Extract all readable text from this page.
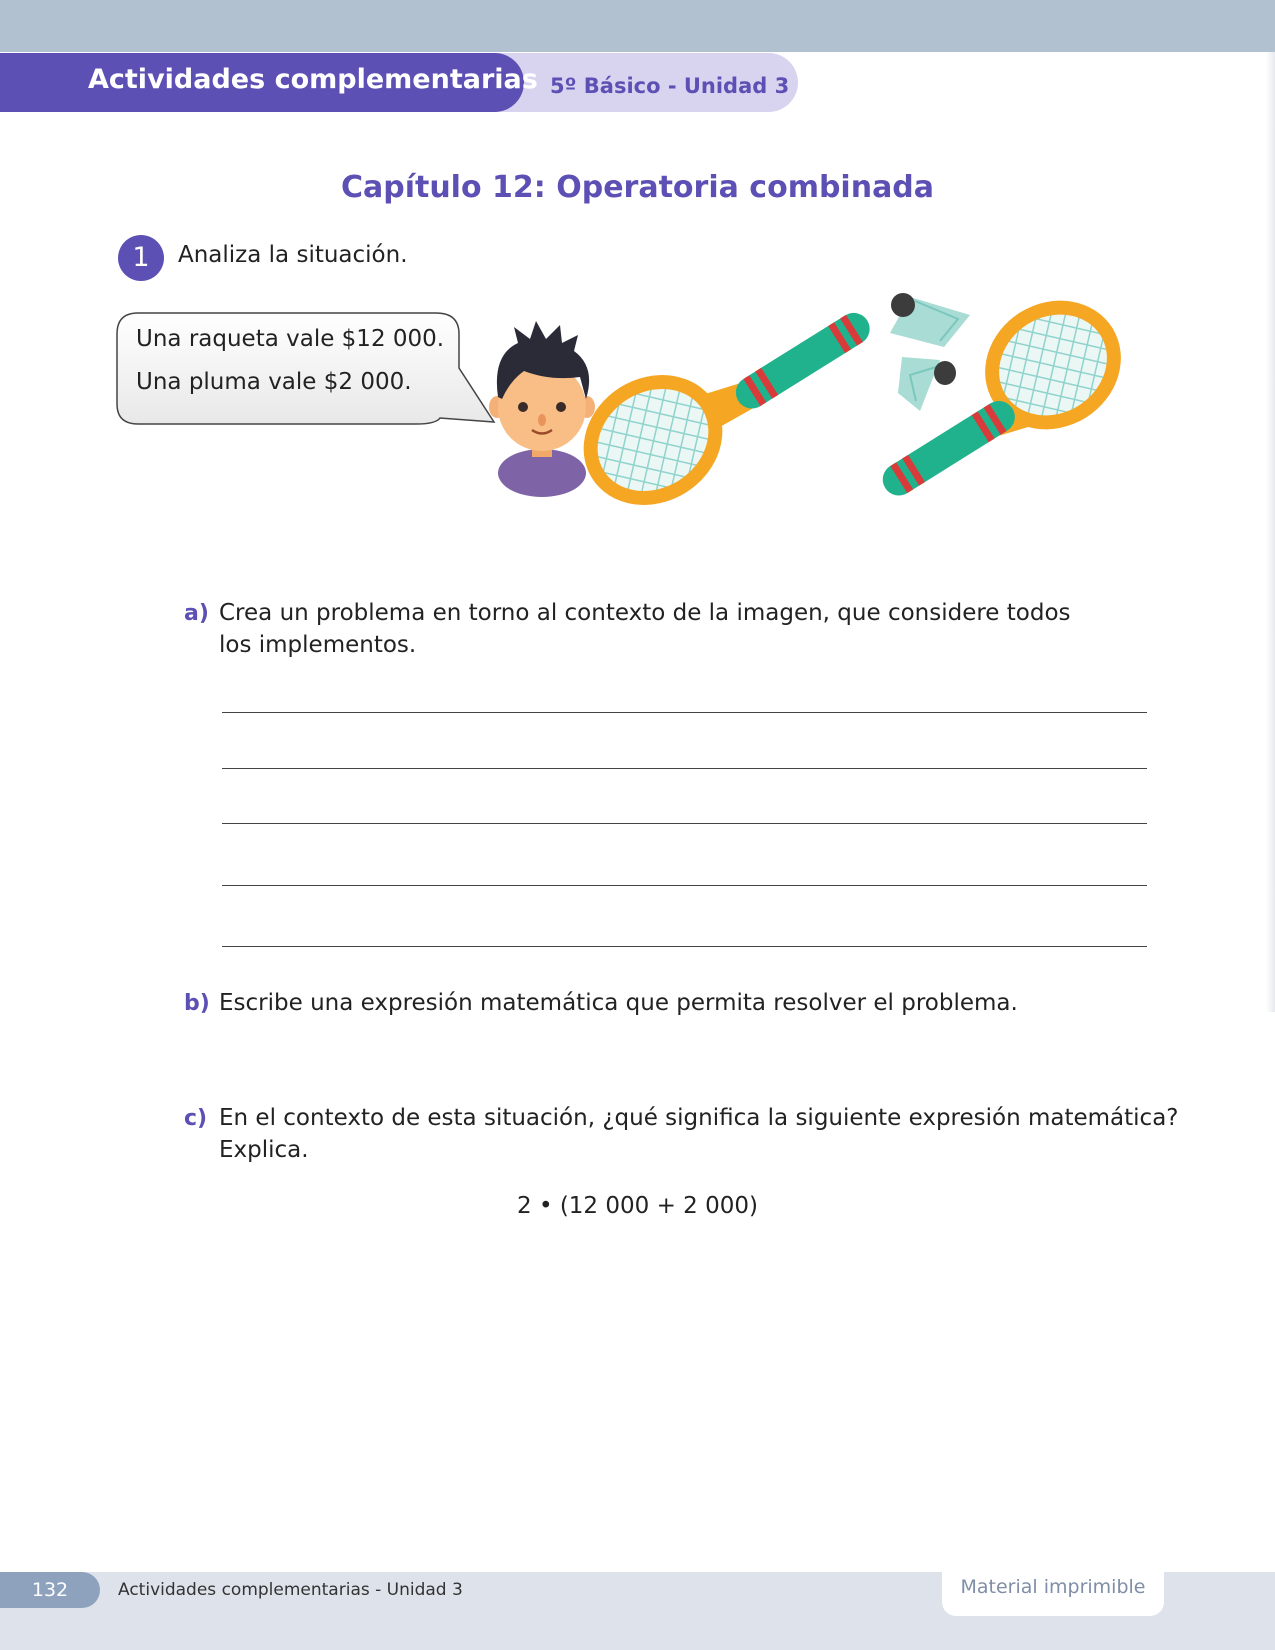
Actividades complementarias 5º Básico - Unidad 3
Capítulo 12: Operatoria combinada
1	Analiza la situación.
Una raqueta vale $12 000.
Una pluma vale $2 000.
a) Crea un problema en torno al contexto de la imagen, que considere todos
los implementos.
b) Escribe una expresión matemática que permita resolver el problema.
c) En el contexto de esta situación, ¿qué significa la siguiente expresión matemática?
Explica.
2 • (12 000 + 2 000)
132	Actividades complementarias - Unidad 3	Material imprimible
